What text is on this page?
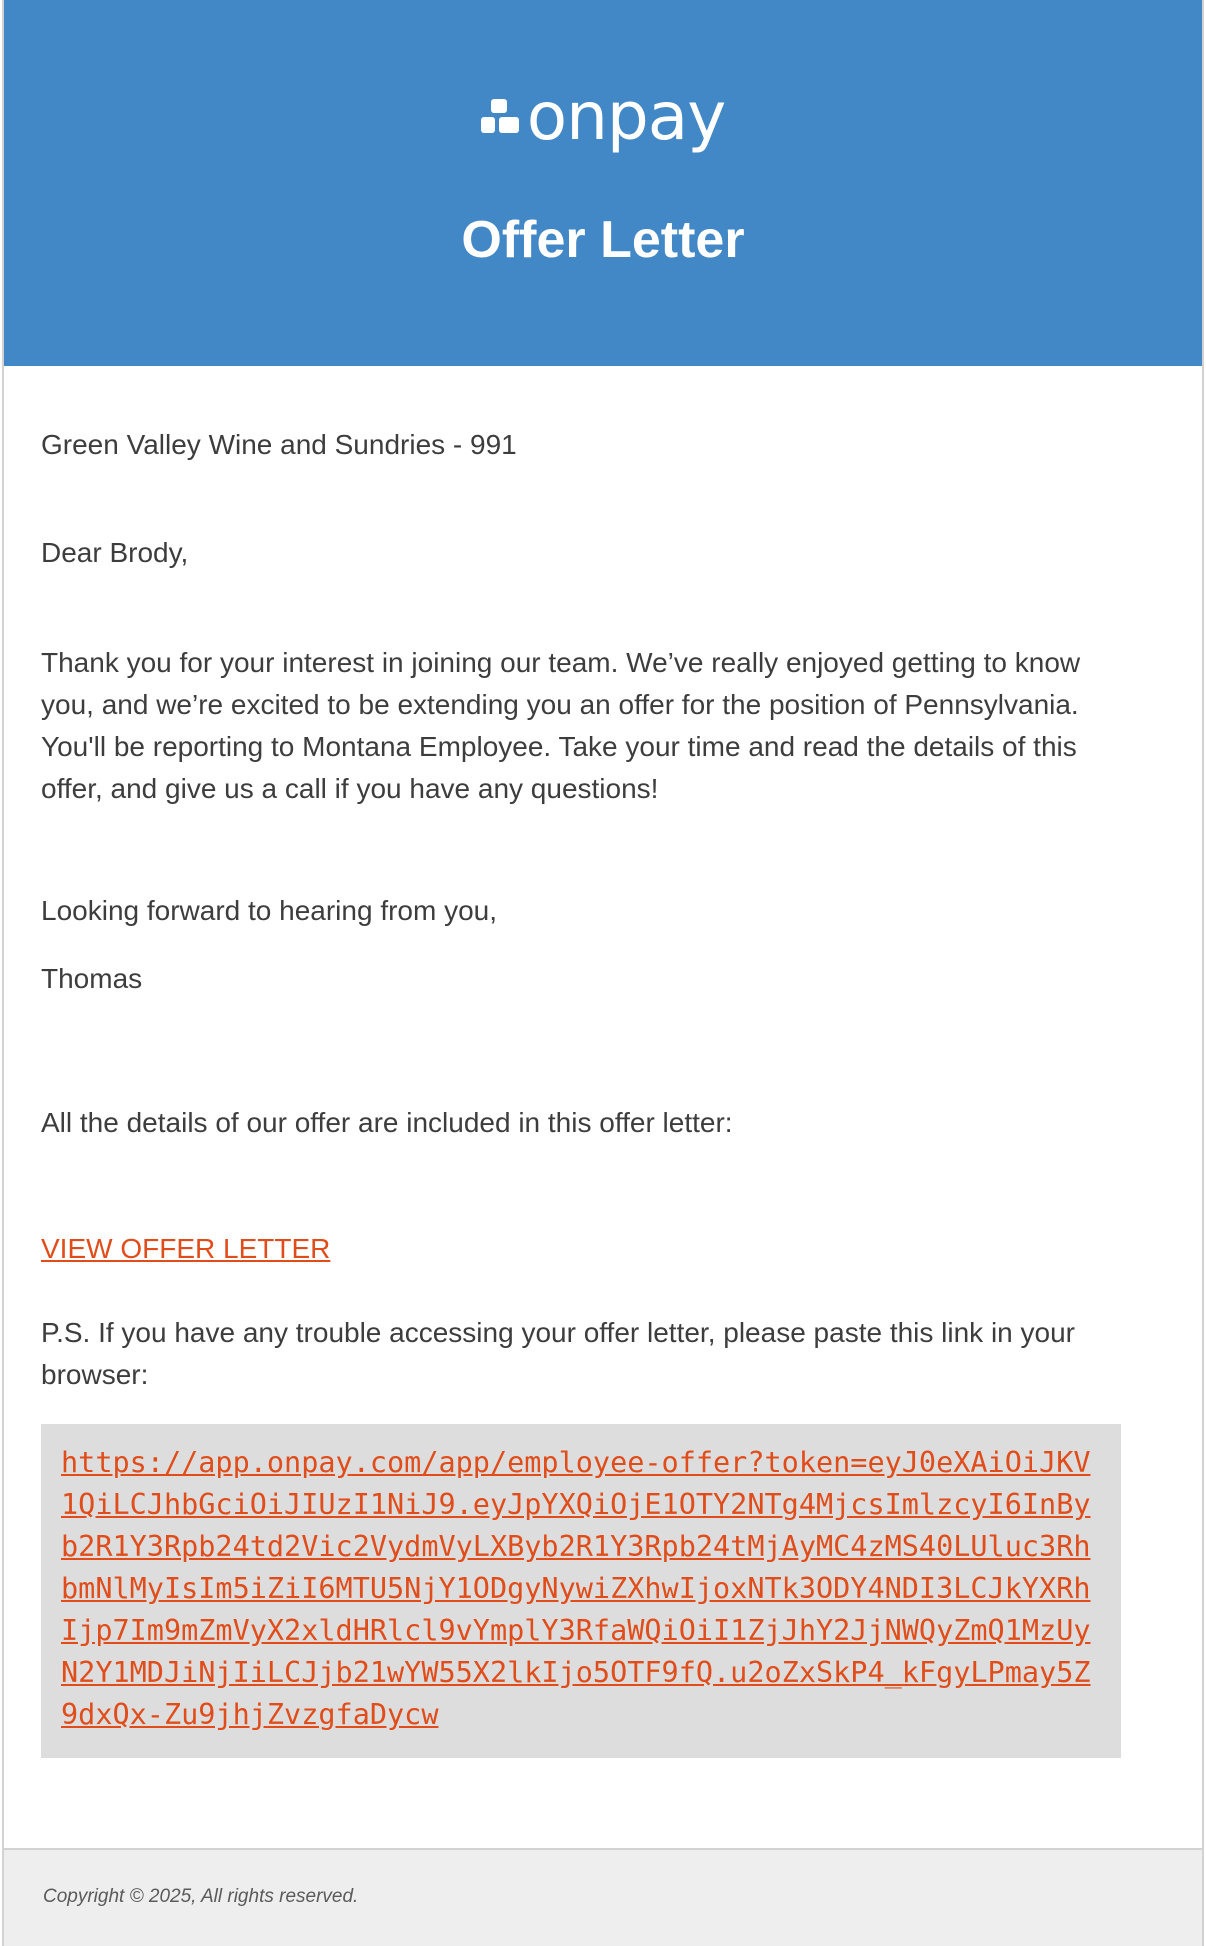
onpay
Offer Letter

Green Valley Wine and Sundries - 991

Dear Brody,

Thank you for your interest in joining our team. We’ve really enjoyed getting to know you, and we’re excited to be extending you an offer for the position of Pennsylvania. You'll be reporting to Montana Employee. Take your time and read the details of this offer, and give us a call if you have any questions!

Looking forward to hearing from you,

Thomas

All the details of our offer are included in this offer letter:

VIEW OFFER LETTER

P.S. If you have any trouble accessing your offer letter, please paste this link in your browser:

https://app.onpay.com/app/employee-offer?token=eyJ0eXAiOiJKV1QiLCJhbGciOiJIUzI1NiJ9.eyJpYXQiOjE1OTY2NTg4MjcsImlzcyI6InByb2R1Y3Rpb24td2Vic2VydmVyLXByb2R1Y3Rpb24tMjAyMC4zMS40LUluc3RhbmNlMyIsIm5iZiI6MTU5NjY1ODgyNywiZXhwIjoxNTk3ODY4NDI3LCJkYXRhIjp7Im9mZmVyX2xldHRlcl9vYmplY3RfaWQiOiI1ZjJhY2JjNWQyZmQ1MzUyN2Y1MDJiNjIiLCJjb21wYW55X2lkIjo5OTF9fQ.u2oZxSkP4_kFgyLPmay5Z9dxQx-Zu9jhjZvzgfaDycw
Copyright © 2025, All rights reserved.
